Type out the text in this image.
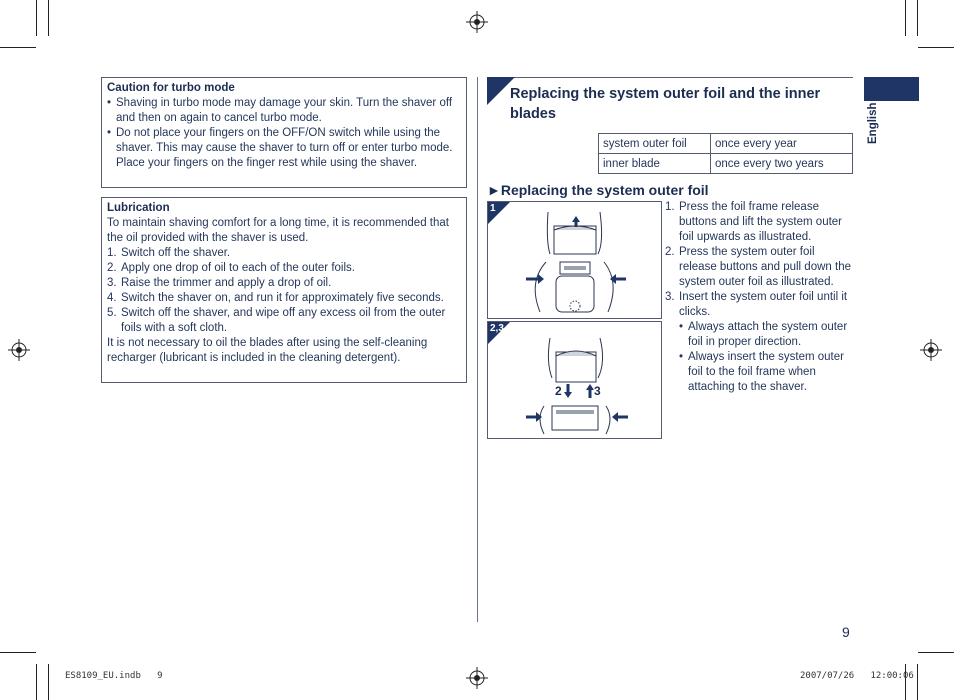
Caution for turbo mode
• Shaving in turbo mode may damage your skin. Turn the shaver off and then on again to cancel turbo mode.
• Do not place your fingers on the OFF/ON switch while using the shaver. This may cause the shaver to turn off or enter turbo mode. Place your fingers on the finger rest while using the shaver.
Lubrication
To maintain shaving comfort for a long time, it is recommended that the oil provided with the shaver is used.
1. Switch off the shaver.
2. Apply one drop of oil to each of the outer foils.
3. Raise the trimmer and apply a drop of oil.
4. Switch the shaver on, and run it for approximately five seconds.
5. Switch off the shaver, and wipe off any excess oil from the outer foils with a soft cloth.
It is not necessary to oil the blades after using the self-cleaning recharger (lubricant is included in the cleaning detergent).
Replacing the system outer foil and the inner blades
system outer foil	once every year
inner blade	once every two years
►Replacing the system outer foil
1
2,3
2	3
1. Press the foil frame release buttons and lift the system outer foil upwards as illustrated.
2. Press the system outer foil release buttons and pull down the system outer foil as illustrated.
3. Insert the system outer foil until it clicks.
• Always attach the system outer foil in proper direction.
• Always insert the system outer foil to the foil frame when attaching to the shaver.
English
9
ES8109_EU.indb   9	2007/07/26   12:00:06
